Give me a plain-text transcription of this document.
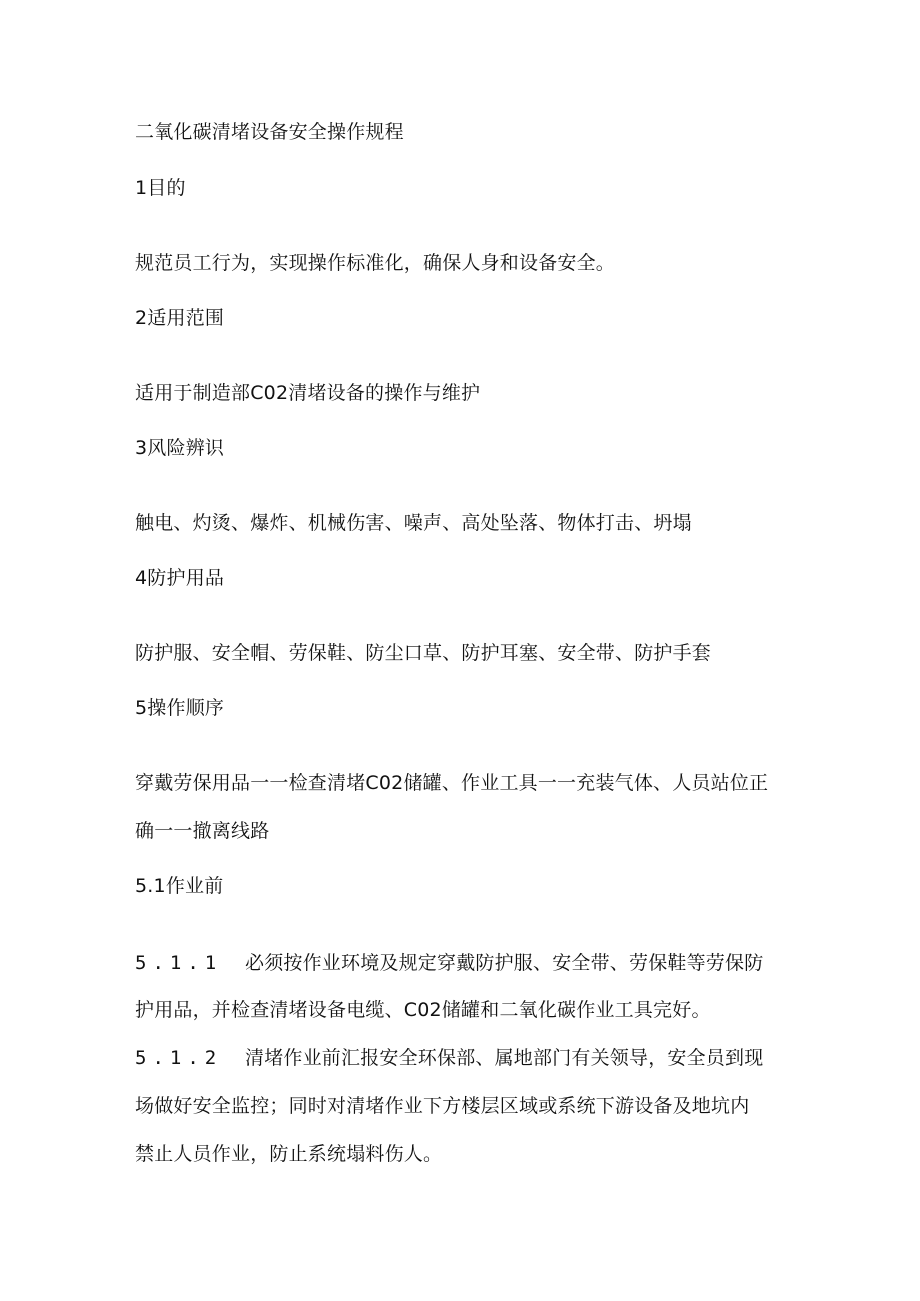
二氧化碳清堵设备安全操作规程
1目的
规范员工行为，实现操作标准化，确保人身和设备安全。
2适用范围
适用于制造部C02清堵设备的操作与维护
3风险辨识
触电、灼烫、爆炸、机械伤害、噪声、高处坠落、物体打击、坍塌
4防护用品
防护服、安全帽、劳保鞋、防尘口草、防护耳塞、安全带、防护手套
5操作顺序
穿戴劳保用品一一检查清堵C02储罐、作业工具一一充装气体、人员站位正
确一一撤离线路
5.1作业前
5.1.1 必须按作业环境及规定穿戴防护服、安全带、劳保鞋等劳保防
护用品，并检查清堵设备电缆、C02储罐和二氧化碳作业工具完好。
5.1.2 清堵作业前汇报安全环保部、属地部门有关领导，安全员到现
场做好安全监控；同时对清堵作业下方楼层区域或系统下游设备及地坑内
禁止人员作业，防止系统塌料伤人。
